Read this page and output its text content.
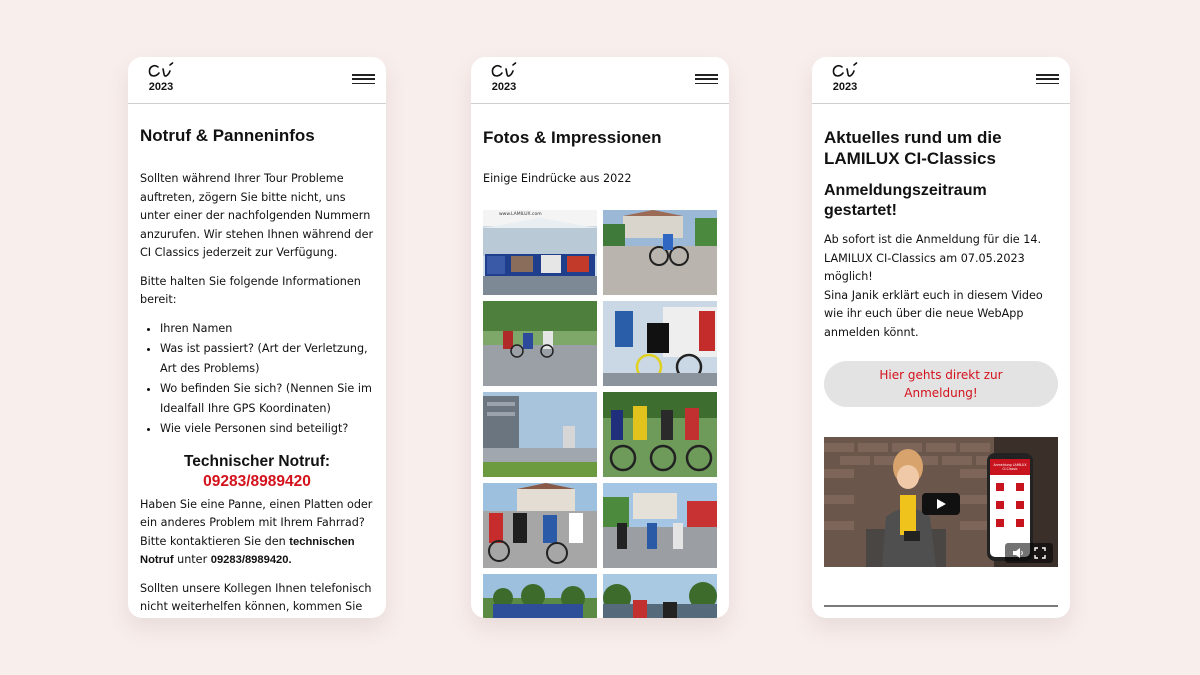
2023
Notruf & Panneninfos

Sollten während Ihrer Tour Probleme auftreten, zögern Sie bitte nicht, uns unter einer der nachfolgenden Nummern anzurufen. Wir stehen Ihnen während der CI Classics jederzeit zur Verfügung.

Bitte halten Sie folgende Informationen bereit:

• Ihren Namen
• Was ist passiert? (Art der Verletzung, Art des Problems)
• Wo befinden Sie sich? (Nennen Sie im Idealfall Ihre GPS Koordinaten)
• Wie viele Personen sind beteiligt?
Technischer Notruf:
09283/8989420

Haben Sie eine Panne, einen Platten oder ein anderes Problem mit Ihrem Fahrrad? Bitte kontaktieren Sie den technischen Notruf unter 09283/8989420.

Sollten unsere Kollegen Ihnen telefonisch nicht weiterhelfen können, kommen Sie

2023
Fotos & Impressionen

Einige Eindrücke aus 2022

www.LAMILUX.com
2023
Aktuelles rund um die LAMILUX CI-Classics
Anmeldungszeitraum gestartet!

Ab sofort ist die Anmeldung für die 14. LAMILUX CI-Classics am 07.05.2023 möglich!

Sina Janik erklärt euch in diesem Video wie ihr euch über die neue WebApp anmelden könnt.

Hier gehts direkt zur Anmeldung!
Anmeldung LAMILUX CI-Classic
